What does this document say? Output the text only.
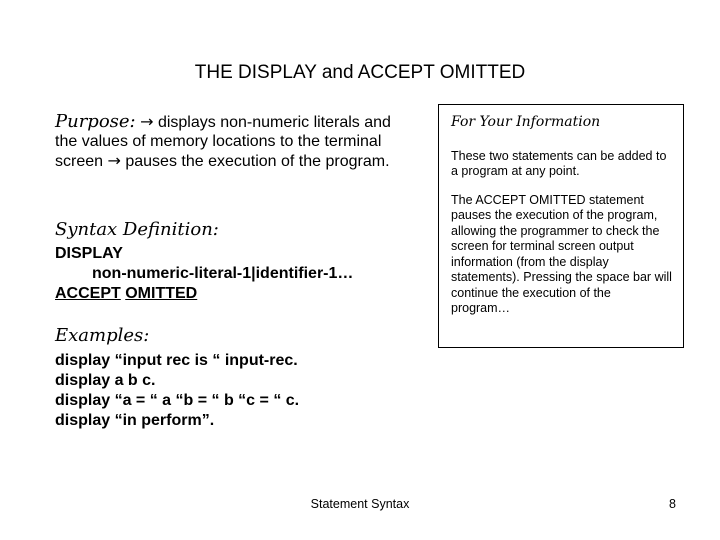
THE DISPLAY and ACCEPT OMITTED
Purpose: → displays non-numeric literals and the values of memory locations to the terminal screen → pauses the execution of the program.
Syntax Definition:
DISPLAY
non-numeric-literal-1|identifier-1…
ACCEPT OMITTED
Examples:
display “input rec is “ input-rec.
display a b c.
display “a = “ a “b = “ b “c = “ c.
display “in perform”.
For Your Information

These two statements can be added to a program at any point.

The ACCEPT OMITTED statement pauses the execution of the program, allowing the programmer to check the screen for terminal screen output information (from the display statements). Pressing the space bar will continue the execution of the program…

Statement Syntax	8
